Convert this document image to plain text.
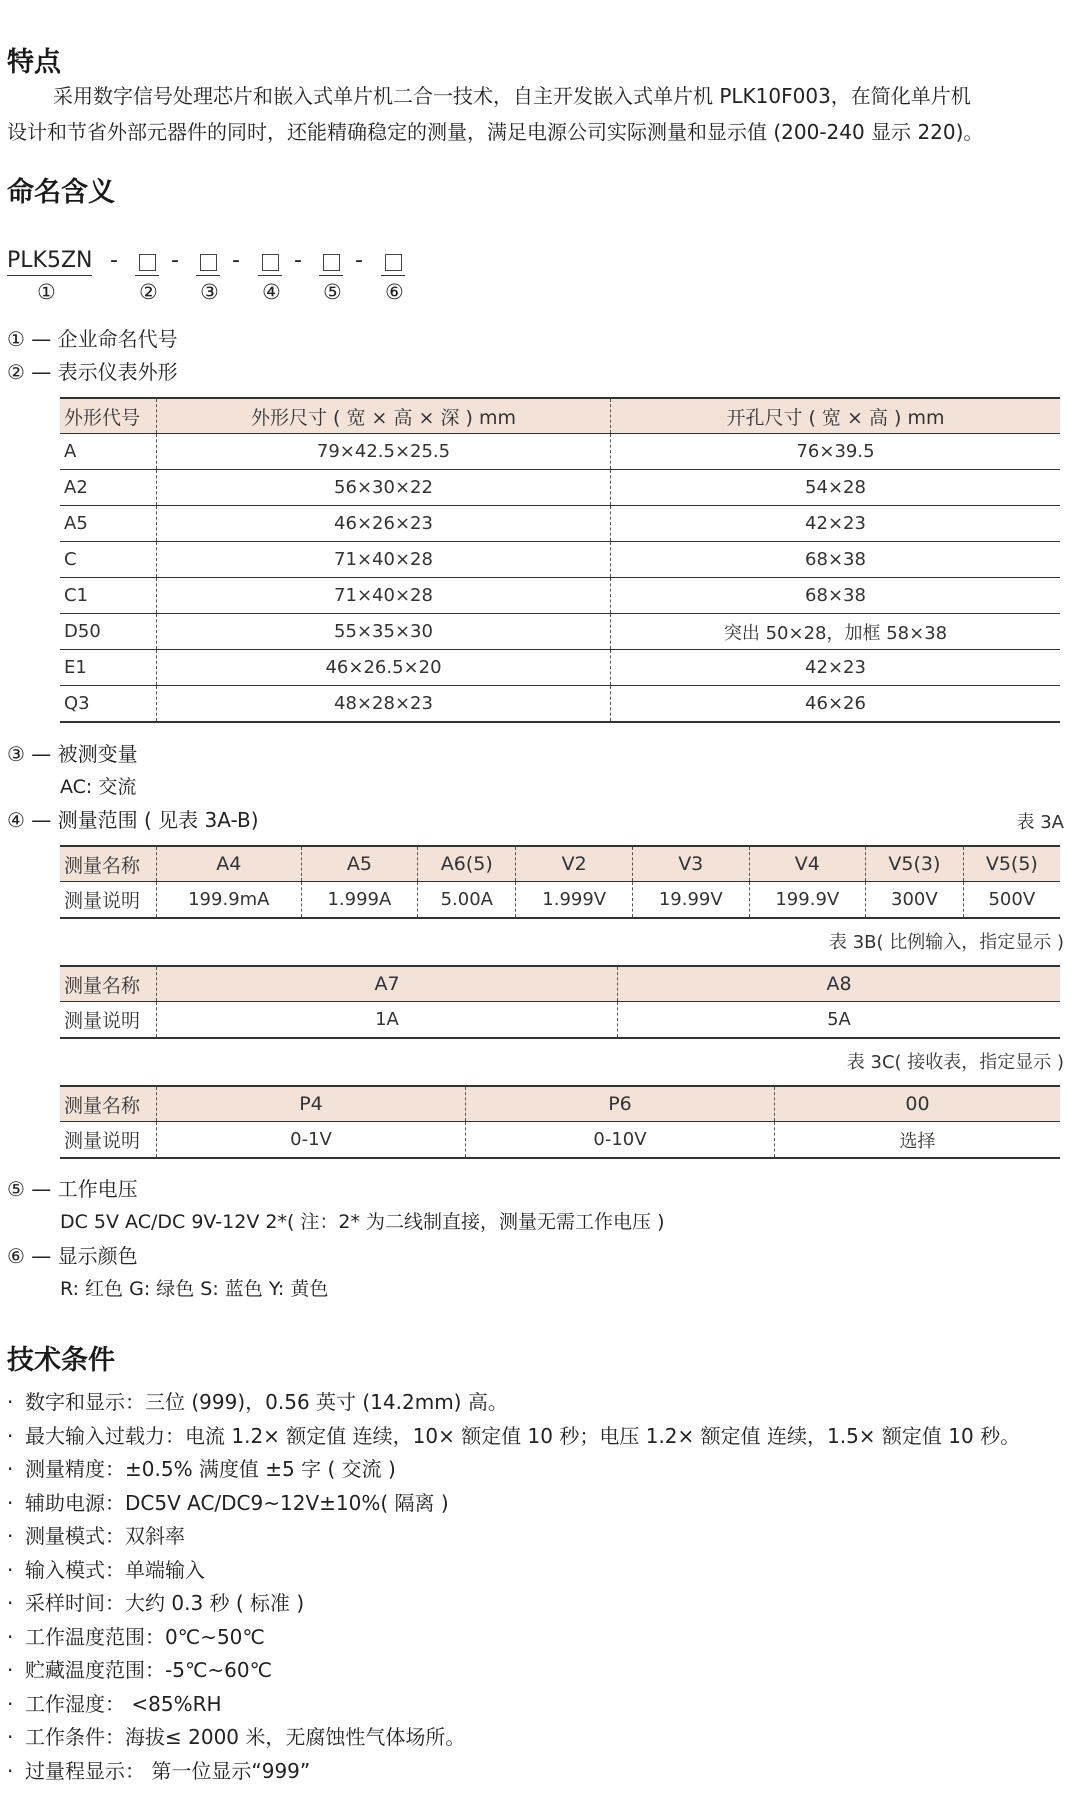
特点
采用数字信号处理芯片和嵌入式单片机二合一技术，自主开发嵌入式单片机 PLK10F003，在简化单片机
设计和节省外部元器件的同时，还能精确稳定的测量，满足电源公司实际测量和显示值 (200-240 显示 220)。
命名含义
PLK5ZN
①
-
②
-
③
-
④
-
⑤
-
⑥
① — 企业命名代号
② — 表示仪表外形
外形代号	外形尺寸 ( 宽 × 高 × 深 ) mm	开孔尺寸 ( 宽 × 高 ) mm
A	79×42.5×25.5	76×39.5
A2	56×30×22	54×28
A5	46×26×23	42×23
C	71×40×28	68×38
C1	71×40×28	68×38
D50	55×35×30	突出 50×28，加框 58×38
E1	46×26.5×20	42×23
Q3	48×28×23	46×26
③ — 被测变量
AC: 交流
④ — 测量范围 ( 见表 3A-B)	表 3A
测量名称	A4	A5	A6(5)	V2	V3	V4	V5(3)	V5(5)
测量说明	199.9mA	1.999A	5.00A	1.999V	19.99V	199.9V	300V	500V
表 3B( 比例输入，指定显示 )
测量名称	A7	A8
测量说明	1A	5A
表 3C( 接收表，指定显示 )
测量名称	P4	P6	00
测量说明	0-1V	0-10V	选择
⑤ — 工作电压
DC 5V AC/DC 9V-12V 2*( 注：2* 为二线制直接，测量无需工作电压 )
⑥ — 显示颜色
R: 红色 G: 绿色 S: 蓝色 Y: 黄色
技术条件
· 数字和显示：三位 (999)，0.56 英寸 (14.2mm) 高。
· 最大输入过载力：电流 1.2× 额定值 连续，10× 额定值 10 秒；电压 1.2× 额定值 连续，1.5× 额定值 10 秒。
· 测量精度：±0.5% 满度值 ±5 字 ( 交流 )
· 辅助电源：DC5V AC/DC9~12V±10%( 隔离 )
· 测量模式：双斜率
· 输入模式：单端输入
· 采样时间：大约 0.3 秒 ( 标准 )
· 工作温度范围：0℃~50℃
· 贮藏温度范围：-5℃~60℃
· 工作湿度： <85%RH
· 工作条件：海拔≤ 2000 米，无腐蚀性气体场所。
· 过量程显示： 第一位显示“999”
